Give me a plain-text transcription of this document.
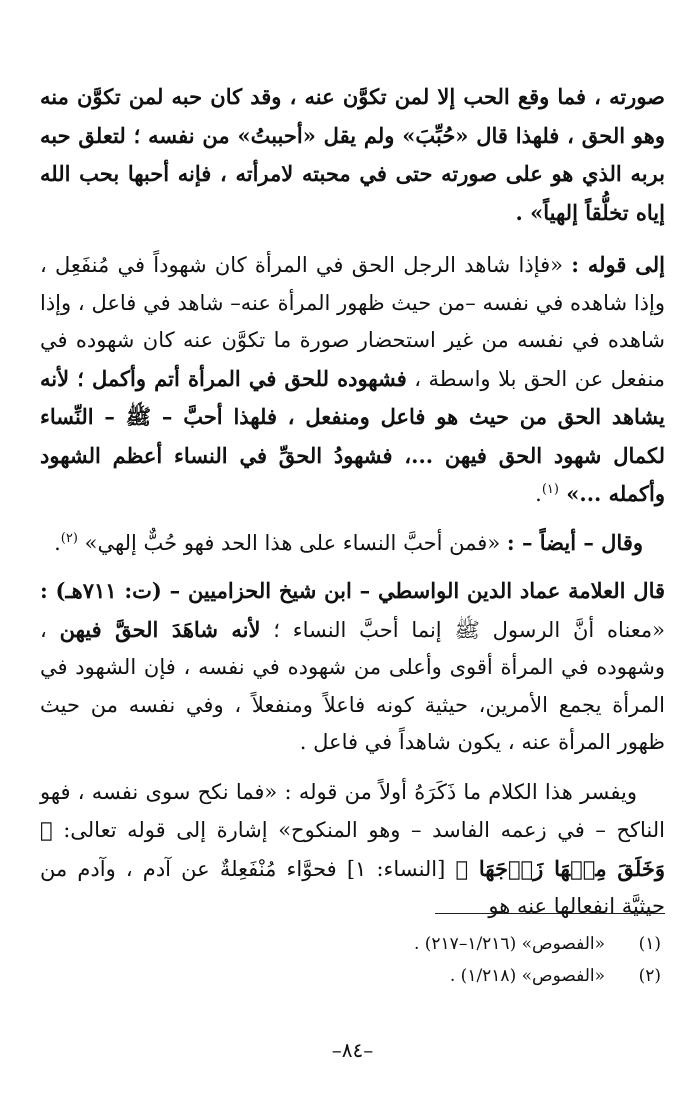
صورته ، فما وقع الحب إلا لمن تكوَّن عنه ، وقد كان حبه لمن تكوَّن منه وهو الحق ، فلهذا قال «حُبِّبَ» ولم يقل «أحببتُ» من نفسه ؛ لتعلق حبه بربه الذي هو على صورته حتى في محبته لامرأته ، فإنه أحبها بحب الله إياه تخلُّقاً إلهياً» .

إلى قوله : «فإذا شاهد الرجل الحق في المرأة كان شهوداً في مُنفَعِل ، وإذا شاهده في نفسه –من حيث ظهور المرأة عنه– شاهد في فاعل ، وإذا شاهده في نفسه من غير استحضار صورة ما تكوَّن عنه كان شهوده في منفعل عن الحق بلا واسطة ، فشهوده للحق في المرأة أتم وأكمل ؛ لأنه يشاهد الحق من حيث هو فاعل ومنفعل ، فلهذا أحبَّ – ﷺ – النِّساء لكمال شهود الحق فيهن ...، فشهودُ الحقِّ في النساء أعظم الشهود وأكمله ...» $^{(١)}$.

وقال – أيضاً – : «فمن أحبَّ النساء على هذا الحد فهو حُبٌّ إلهي» $^{(٢)}$.

قال العلامة عماد الدين الواسطي – ابن شيخ الحزاميين – (ت: ٧١١هـ) : «معناه أنَّ الرسول ﷺ إنما أحبَّ النساء ؛ لأنه شاهَدَ الحقَّ فيهن ، وشهوده في المرأة أقوى وأعلى من شهوده في نفسه ، فإن الشهود في المرأة يجمع الأمرين، حيثية كونه فاعلاً ومنفعلاً ، وفي نفسه من حيث ظهور المرأة عنه ، يكون شاهداً في فاعل .

ويفسر هذا الكلام ما ذَكَرَهُ أولاً من قوله : «فما نكح سوى نفسه ، فهو الناكح – في زعمه الفاسد – وهو المنكوح» إشارة إلى قوله تعالى: ﴿ وَخَلَقَ مِنۡهَا زَوۡجَهَا ﴾ [النساء: ١] فحوَّاء مُنْفَعِلةٌ عن آدم ، وآدم من حيثيَّة انفعالها عنه هو

(١)
«الفصوص» (١/٢١٦–٢١٧) .
(٢)
«الفصوص» (١/٢١٨) .
–٨٤–
